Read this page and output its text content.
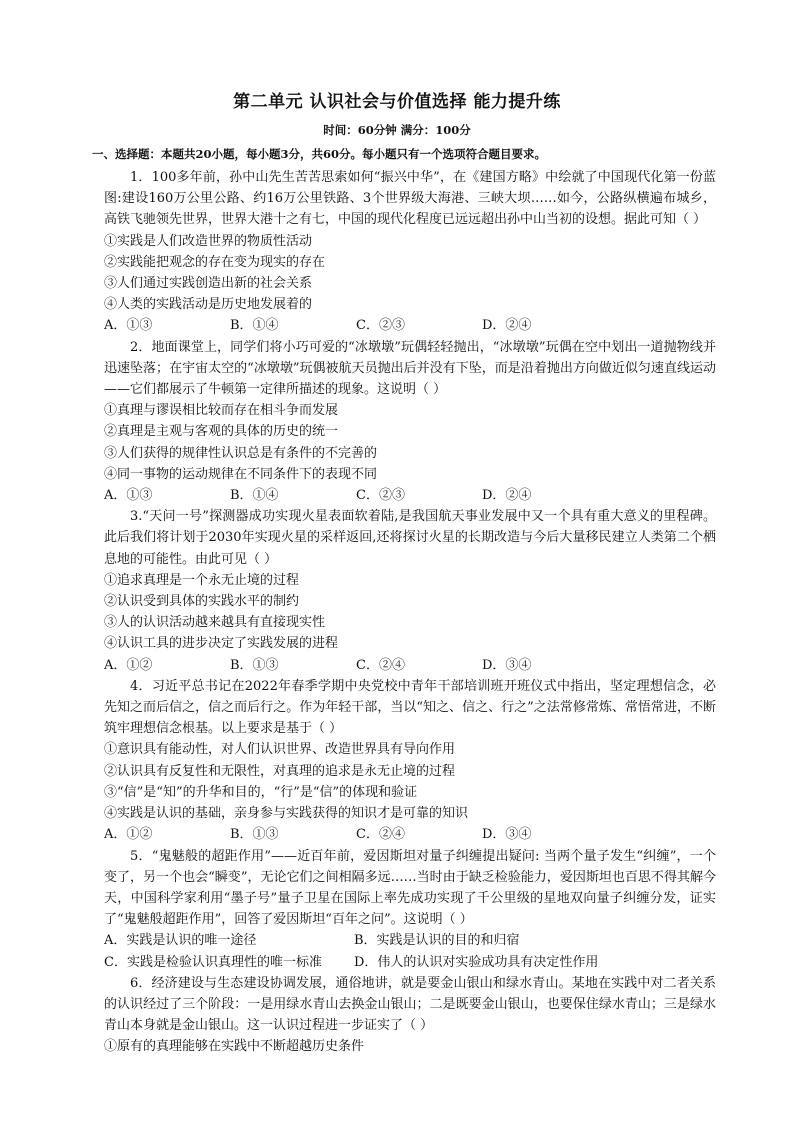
第二单元 认识社会与价值选择 能力提升练
时间：60分钟 满分：100分
一、选择题：本题共20小题，每小题3分，共60分。每小题只有一个选项符合题目要求。

1．100多年前，孙中山先生苦苦思索如何“振兴中华”，在《建国方略》中绘就了中国现代化第一份蓝图:建设160万公里公路、约16万公里铁路、3个世界级大海港、三峡大坝……如今，公路纵横遍布城乡，高铁飞驰领先世界，世界大港十之有七，中国的现代化程度已远远超出孙中山当初的设想。据此可知（ ）

①实践是人们改造世界的物质性活动

②实践能把观念的存在变为现实的存在

③人们通过实践创造出新的社会关系

④人类的实践活动是历史地发展着的

A．①③	B．①④	C．②③	D．②④

2．地面课堂上，同学们将小巧可爱的“冰墩墩”玩偶轻轻抛出，“冰墩墩”玩偶在空中划出一道抛物线并迅速坠落；在宇宙太空的“冰墩墩”玩偶被航天员抛出后并没有下坠，而是沿着抛出方向做近似匀速直线运动——它们都展示了牛顿第一定律所描述的现象。这说明（ ）

①真理与谬误相比较而存在相斗争而发展

②真理是主观与客观的具体的历史的统一

③人们获得的规律性认识总是有条件的不完善的

④同一事物的运动规律在不同条件下的表现不同

A．①③	B．①④	C．②③	D．②④

3.“天问一号”探测器成功实现火星表面软着陆,是我国航天事业发展中又一个具有重大意义的里程碑。此后我们将计划于2030年实现火星的采样返回,还将探讨火星的长期改造与今后大量移民建立人类第二个栖息地的可能性。由此可见（ ）

①追求真理是一个永无止境的过程

②认识受到具体的实践水平的制约

③人的认识活动越来越具有直接现实性

④认识工具的进步决定了实践发展的进程

A．①②	B．①③	C．②④	D．③④

4．习近平总书记在2022年春季学期中央党校中青年干部培训班开班仪式中指出，坚定理想信念，必先知之而后信之，信之而后行之。作为年轻干部，当以“知之、信之、行之”之法常修常炼、常悟常进，不断筑牢理想信念根基。以上要求是基于（ ）

①意识具有能动性，对人们认识世界、改造世界具有导向作用

②认识具有反复性和无限性，对真理的追求是永无止境的过程

③“信”是“知”的升华和目的，“行”是“信”的体现和验证

④实践是认识的基础，亲身参与实践获得的知识才是可靠的知识

A．①②	B．①③	C．②④	D．③④

5．“鬼魅般的超距作用”——近百年前，爱因斯坦对量子纠缠提出疑问: 当两个量子发生“纠缠”，一个变了，另一个也会“瞬变”，无论它们之间相隔多远……当时由于缺乏检验能力，爱因斯坦也百思不得其解今天，中国科学家利用“墨子号”量子卫星在国际上率先成功实现了千公里级的星地双向量子纠缠分发，证实了“鬼魅般超距作用”，回答了爱因斯坦“百年之问”。这说明（ ）

A．实践是认识的唯一途径	B．实践是认识的目的和归宿
C．实践是检验认识真理性的唯一标准	D．伟人的认识对实验成功具有决定性作用

6．经济建设与生态建设协调发展，通俗地讲，就是要金山银山和绿水青山。某地在实践中对二者关系的认识经过了三个阶段：一是用绿水青山去换金山银山；二是既要金山银山，也要保住绿水青山；三是绿水青山本身就是金山银山。这一认识过程进一步证实了（ ）

①原有的真理能够在实践中不断超越历史条件
